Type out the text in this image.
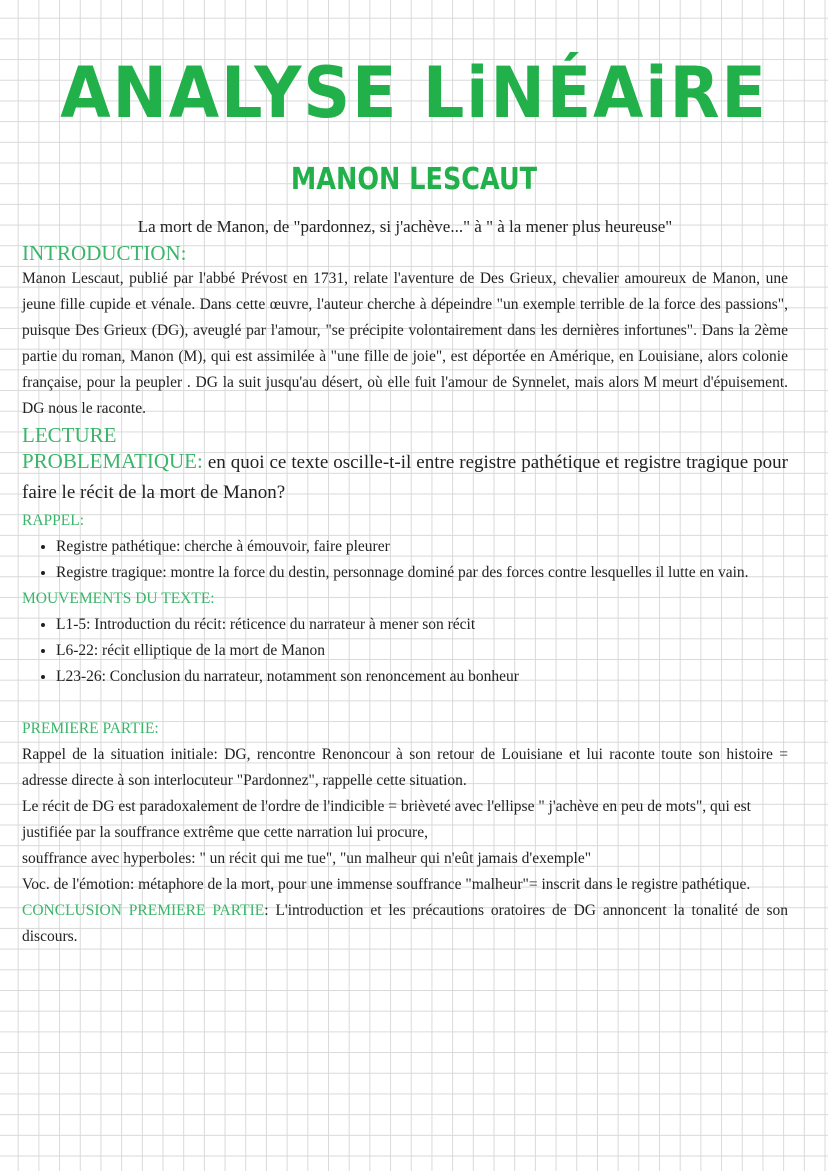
ANALYSE LiNÉAiRE
MANON LESCAUT
La mort de Manon, de "pardonnez, si j'achève..." à " à la mener plus heureuse"
INTRODUCTION:

Manon Lescaut, publié par l'abbé Prévost en 1731, relate l'aventure de Des Grieux, chevalier amoureux de Manon, une jeune fille cupide et vénale. Dans cette œuvre, l'auteur cherche à dépeindre "un exemple terrible de la force des passions", puisque Des Grieux (DG), aveuglé par l'amour, "se précipite volontairement dans les dernières infortunes". Dans la 2ème partie du roman, Manon (M), qui est assimilée à "une fille de joie", est déportée en Amérique, en Louisiane, alors colonie française, pour la peupler . DG la suit jusqu'au désert, où elle fuit l'amour de Synnelet, mais alors M meurt d'épuisement. DG nous le raconte.

LECTURE
PROBLEMATIQUE: en quoi ce texte oscille-t-il entre registre pathétique et registre tragique pour faire le récit de la mort de Manon?
RAPPEL:
• Registre pathétique: cherche à émouvoir, faire pleurer
• Registre tragique: montre la force du destin, personnage dominé par des forces contre lesquelles il lutte en vain.
MOUVEMENTS DU TEXTE:
• L1-5: Introduction du récit: réticence du narrateur à mener son récit
• L6-22: récit elliptique de la mort de Manon
• L23-26: Conclusion du narrateur, notamment son renoncement au bonheur
PREMIERE PARTIE:

Rappel de la situation initiale: DG, rencontre Renoncour à son retour de Louisiane et lui raconte toute son histoire = adresse directe à son interlocuteur "Pardonnez", rappelle cette situation.

Le récit de DG est paradoxalement de l'ordre de l'indicible = brièveté avec l'ellipse " j'achève en peu de mots", qui est justifiée par la souffrance extrême que cette narration lui procure,

souffrance avec hyperboles: " un récit qui me tue", "un malheur qui n'eût jamais d'exemple"

Voc. de l'émotion: métaphore de la mort, pour une immense souffrance "malheur"= inscrit dans le registre pathétique.

CONCLUSION PREMIERE PARTIE: L'introduction et les précautions oratoires de DG annoncent la tonalité de son discours.
